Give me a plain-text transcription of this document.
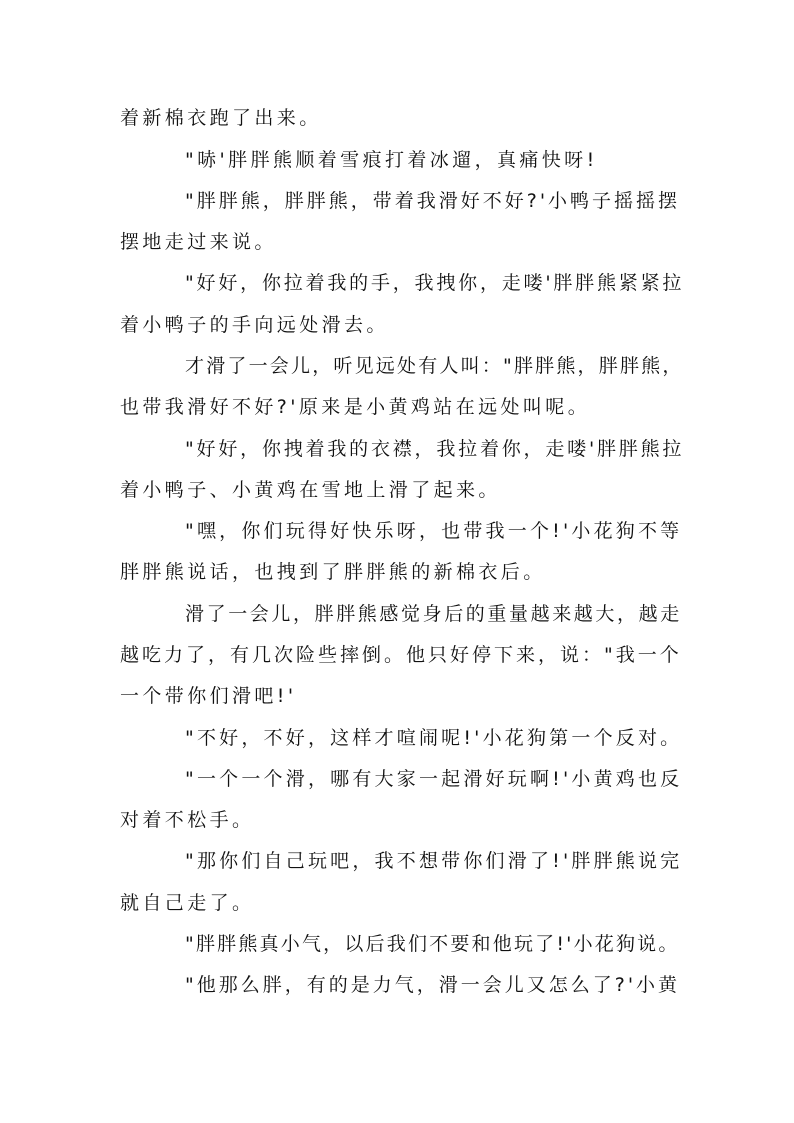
着新棉衣跑了出来。
"哧'胖胖熊顺着雪痕打着冰遛，真痛快呀!
"胖胖熊，胖胖熊，带着我滑好不好?'小鸭子摇摇摆
摆地走过来说。
"好好，你拉着我的手，我拽你，走喽'胖胖熊紧紧拉
着小鸭子的手向远处滑去。
才滑了一会儿，听见远处有人叫："胖胖熊，胖胖熊，
也带我滑好不好?'原来是小黄鸡站在远处叫呢。
"好好，你拽着我的衣襟，我拉着你，走喽'胖胖熊拉
着小鸭子、小黄鸡在雪地上滑了起来。
"嘿，你们玩得好快乐呀，也带我一个!'小花狗不等
胖胖熊说话，也拽到了胖胖熊的新棉衣后。
滑了一会儿，胖胖熊感觉身后的重量越来越大，越走
越吃力了，有几次险些摔倒。他只好停下来，说："我一个
一个带你们滑吧!'
"不好，不好，这样才喧闹呢!'小花狗第一个反对。
"一个一个滑，哪有大家一起滑好玩啊!'小黄鸡也反
对着不松手。
"那你们自己玩吧，我不想带你们滑了!'胖胖熊说完
就自己走了。
"胖胖熊真小气，以后我们不要和他玩了!'小花狗说。
"他那么胖，有的是力气，滑一会儿又怎么了?'小黄
